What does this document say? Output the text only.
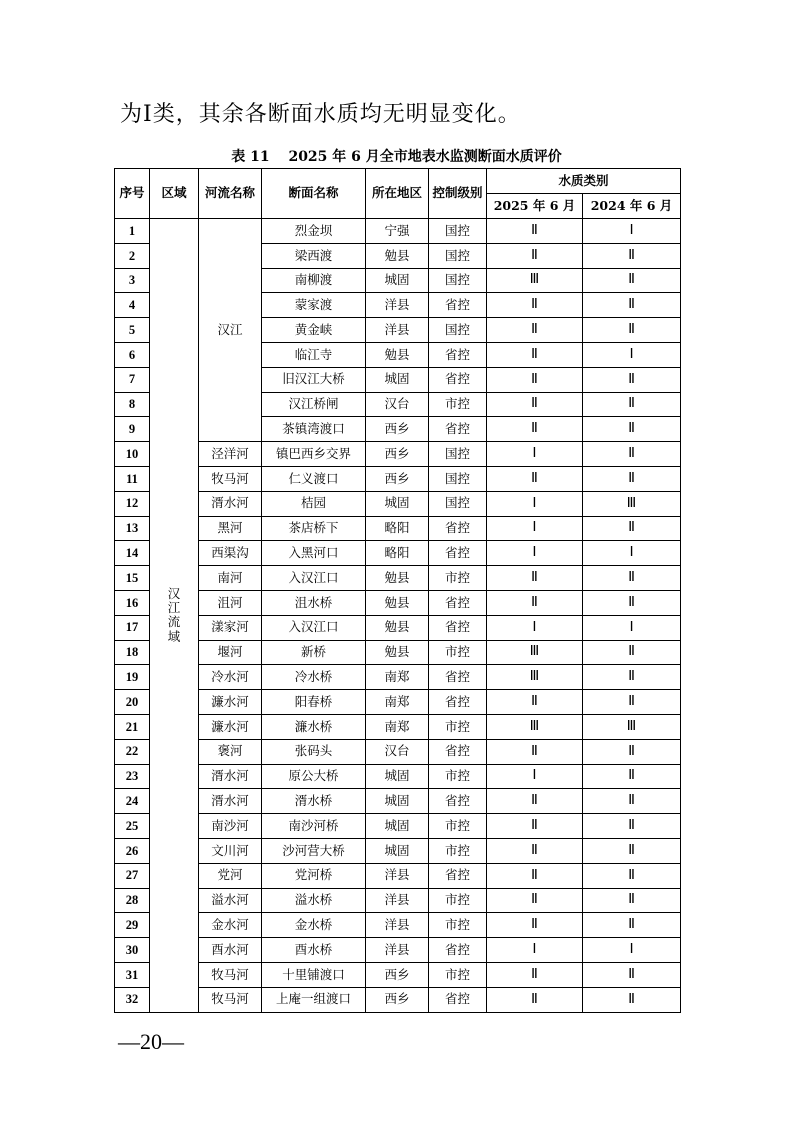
为Ⅰ类，其余各断面水质均无明显变化。
表 11　 2025 年 6 月全市地表水监测断面水质评价
序号	区域	河流名称	断面名称	所在地区	控制级别	水质类别	
						2025 年 6 月	2024 年 6 月
1	汉江流域	汉江	烈金坝	宁强	国控	Ⅱ	Ⅰ
2			梁西渡	勉县	国控	Ⅱ	Ⅱ
3			南柳渡	城固	国控	Ⅲ	Ⅱ
4			蒙家渡	洋县	省控	Ⅱ	Ⅱ
5			黄金峡	洋县	国控	Ⅱ	Ⅱ
6			临江寺	勉县	省控	Ⅱ	Ⅰ
7			旧汉江大桥	城固	省控	Ⅱ	Ⅱ
8			汉江桥闸	汉台	市控	Ⅱ	Ⅱ
9			茶镇湾渡口	西乡	省控	Ⅱ	Ⅱ
10		泾洋河	镇巴西乡交界	西乡	国控	Ⅰ	Ⅱ
11		牧马河	仁义渡口	西乡	国控	Ⅱ	Ⅱ
12		湑水河	桔园	城固	国控	Ⅰ	Ⅲ
13		黑河	茶店桥下	略阳	省控	Ⅰ	Ⅱ
14		西渠沟	入黑河口	略阳	省控	Ⅰ	Ⅰ
15		南河	入汉江口	勉县	市控	Ⅱ	Ⅱ
16		沮河	沮水桥	勉县	省控	Ⅱ	Ⅱ
17		漾家河	入汉江口	勉县	省控	Ⅰ	Ⅰ
18		堰河	新桥	勉县	市控	Ⅲ	Ⅱ
19		冷水河	冷水桥	南郑	省控	Ⅲ	Ⅱ
20		濂水河	阳春桥	南郑	省控	Ⅱ	Ⅱ
21		濂水河	濂水桥	南郑	市控	Ⅲ	Ⅲ
22		褒河	张码头	汉台	省控	Ⅱ	Ⅱ
23		湑水河	原公大桥	城固	市控	Ⅰ	Ⅱ
24		湑水河	湑水桥	城固	省控	Ⅱ	Ⅱ
25		南沙河	南沙河桥	城固	市控	Ⅱ	Ⅱ
26		文川河	沙河营大桥	城固	市控	Ⅱ	Ⅱ
27		党河	党河桥	洋县	省控	Ⅱ	Ⅱ
28		溢水河	溢水桥	洋县	市控	Ⅱ	Ⅱ
29		金水河	金水桥	洋县	市控	Ⅱ	Ⅱ
30		酉水河	酉水桥	洋县	省控	Ⅰ	Ⅰ
31		牧马河	十里铺渡口	西乡	市控	Ⅱ	Ⅱ
32		牧马河	上庵一组渡口	西乡	省控	Ⅱ	Ⅱ
—20—
